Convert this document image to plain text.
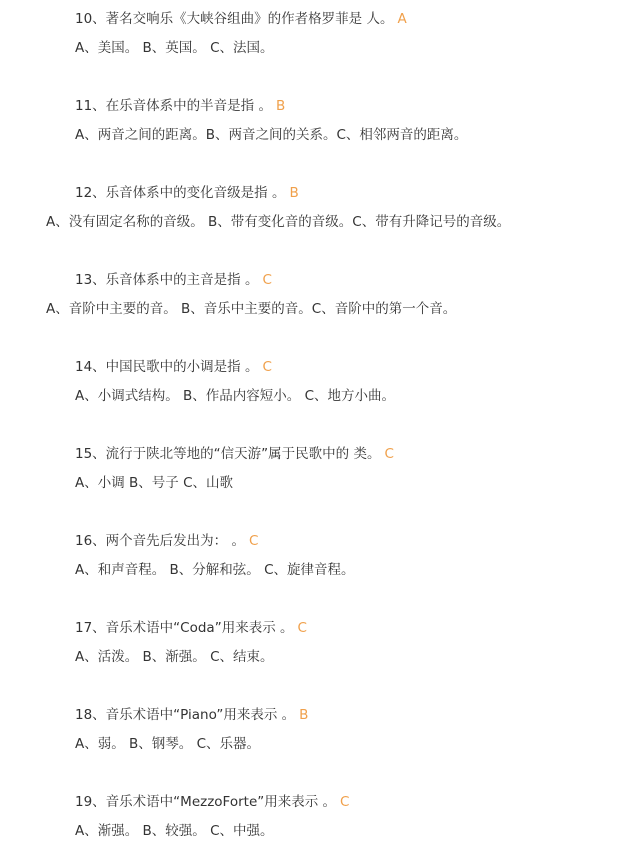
10、著名交响乐《大峡谷组曲》的作者格罗菲是 人。 A
A、美国。 B、英国。 C、法国。
11、在乐音体系中的半音是指 。 B
A、两音之间的距离。B、两音之间的关系。C、相邻两音的距离。
12、乐音体系中的变化音级是指 。 B
A、没有固定名称的音级。 B、带有变化音的音级。C、带有升降记号的音级。
13、乐音体系中的主音是指 。 C
A、音阶中主要的音。 B、音乐中主要的音。C、音阶中的第一个音。
14、中国民歌中的小调是指 。 C
A、小调式结构。 B、作品内容短小。 C、地方小曲。
15、流行于陕北等地的“信天游”属于民歌中的 类。 C
A、小调 B、号子 C、山歌
16、两个音先后发出为： 。 C
A、和声音程。 B、分解和弦。 C、旋律音程。
17、音乐术语中“Coda”用来表示 。 C
A、活泼。 B、渐强。 C、结束。
18、音乐术语中“Piano”用来表示 。 B
A、弱。 B、钢琴。 C、乐器。
19、音乐术语中“MezzoForte”用来表示 。 C
A、渐强。 B、较强。 C、中强。
